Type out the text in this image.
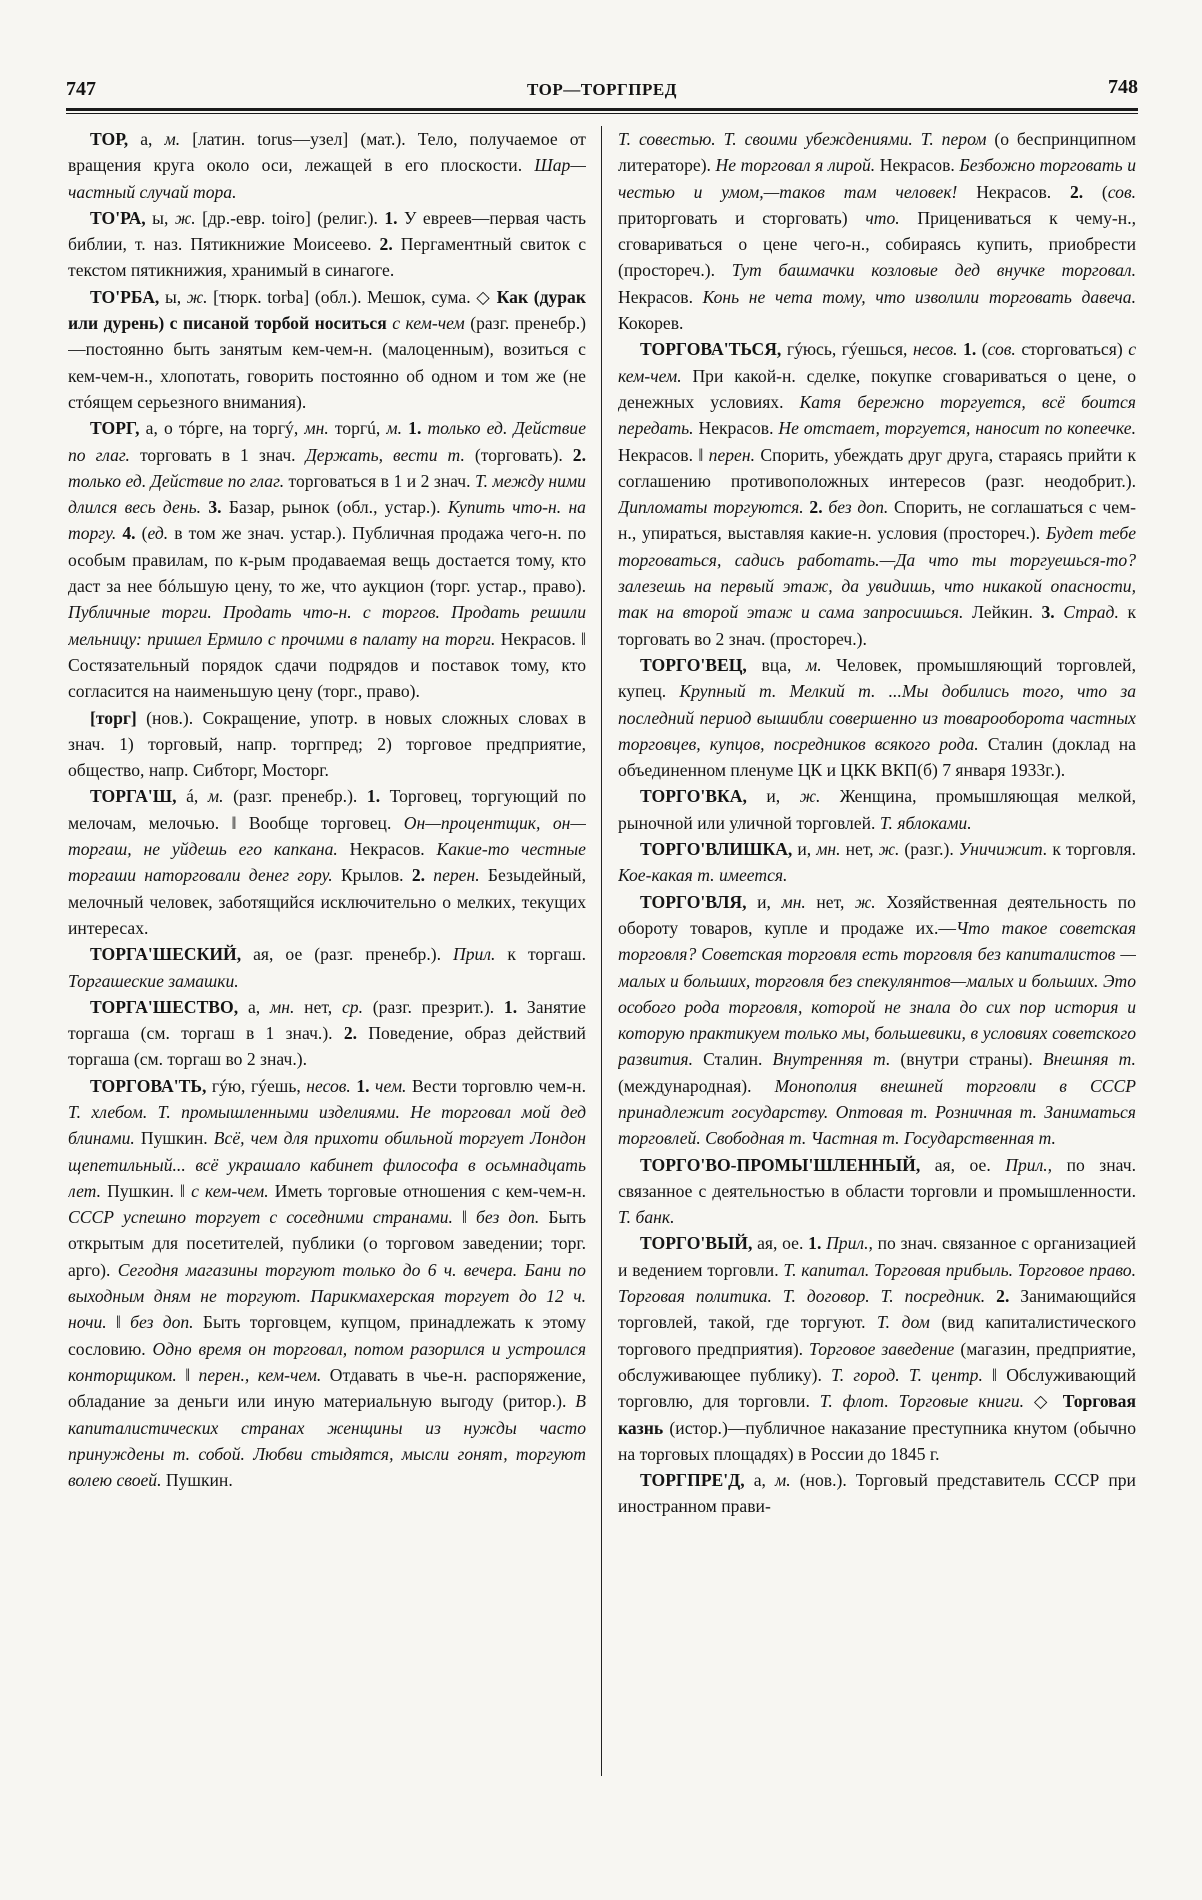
747	ТОР—ТОРГПРЕД	748

ТОР, а, м. [латин. torus—узел] (мат.). Тело, получаемое от вращения круга около оси, лежащей в его плоскости. Шар—частный случай тора.

ТО'РА, ы, ж. [др.-евр. toiro] (религ.). 1. У евреев—первая часть библии, т. наз. Пятикнижие Моисеево. 2. Пергаментный свиток с текстом пятикнижия, хранимый в синагоге.

ТО'РБА, ы, ж. [тюрк. torba] (обл.). Мешок, сума. ◇ Как (дурак или дурень) с писаной торбой носиться с кем-чем (разг. пренебр.)—постоянно быть занятым кем-чем-н. (малоценным), возиться с кем-чем-н., хлопотать, говорить постоянно об одном и том же (не стóящем серьезного внимания).

ТОРГ, а, о тóрге, на торгý, мн. торгú, м. 1. только ед. Действие по глаг. торговать в 1 знач. Держать, вести т. (торговать). 2. только ед. Действие по глаг. торговаться в 1 и 2 знач. Т. между ними длился весь день. 3. Базар, рынок (обл., устар.). Купить что-н. на торгу. 4. (ед. в том же знач. устар.). Публичная продажа чего-н. по особым правилам, по к-рым продаваемая вещь достается тому, кто даст за нее бóльшую цену, то же, что аукцион (торг. устар., право). Публичные торги. Продать что-н. с торгов. Продать решили мельницу: пришел Ермило с прочими в палату на торги. Некрасов. ‖ Состязательный порядок сдачи подрядов и поставок тому, кто согласится на наименьшую цену (торг., право).

[торг] (нов.). Сокращение, употр. в новых сложных словах в знач. 1) торговый, напр. торгпред; 2) торговое предприятие, общество, напр. Сибторг, Мосторг.

ТОРГА'Ш, á, м. (разг. пренебр.). 1. Торговец, торгующий по мелочам, мелочью. ‖ Вообще торговец. Он—процентщик, он—торгаш, не уйдешь его капкана. Некрасов. Какие-то честные торгаши наторговали денег гору. Крылов. 2. перен. Безыдейный, мелочный человек, заботящийся исключительно о мелких, текущих интересах.

ТОРГА'ШЕСКИЙ, ая, ое (разг. пренебр.). Прил. к торгаш. Торгашеские замашки.

ТОРГА'ШЕСТВО, а, мн. нет, ср. (разг. презрит.). 1. Занятие торгаша (см. торгаш в 1 знач.). 2. Поведение, образ действий торгаша (см. торгаш во 2 знач.).

ТОРГОВА'ТЬ, гýю, гýешь, несов. 1. чем. Вести торговлю чем-н. Т. хлебом. Т. промышленными изделиями. Не торговал мой дед блинами. Пушкин. Всё, чем для прихоти обильной торгует Лондон щепетильный... всё украшало кабинет философа в осьмнадцать лет. Пушкин. ‖ с кем-чем. Иметь торговые отношения с кем-чем-н. СССР успешно торгует с соседними странами. ‖ без доп. Быть открытым для посетителей, публики (о торговом заведении; торг. арго). Сегодня магазины торгуют только до 6 ч. вечера. Бани по выходным дням не торгуют. Парикмахерская торгует до 12 ч. ночи. ‖ без доп. Быть торговцем, купцом, принадлежать к этому сословию. Одно время он торговал, потом разорился и устроился конторщиком. ‖ перен., кем-чем. Отдавать в чье-н. распоряжение, обладание за деньги или иную материальную выгоду (ритор.). В капиталистических странах женщины из нужды часто принуждены т. собой. Любви стыдятся, мысли гонят, торгуют волею своей. Пушкин.

Т. совестью. Т. своими убеждениями. Т. пером (о беспринципном литераторе). Не торговал я лирой. Некрасов. Безбожно торговать и честью и умом,—таков там человек! Некрасов. 2. (сов. приторговать и сторговать) что. Прицениваться к чему-н., сговариваться о цене чего-н., собираясь купить, приобрести (простореч.). Тут башмачки козловые дед внучке торговал. Некрасов. Конь не чета тому, что изволили торговать давеча. Кокорев.

ТОРГОВА'ТЬСЯ, гýюсь, гýешься, несов. 1. (сов. сторговаться) с кем-чем. При какой-н. сделке, покупке сговариваться о цене, о денежных условиях. Катя бережно торгуется, всё боится передать. Некрасов. Не отстает, торгуется, наносит по копеечке. Некрасов. ‖ перен. Спорить, убеждать друг друга, стараясь прийти к соглашению противоположных интересов (разг. неодобрит.). Дипломаты торгуются. 2. без доп. Спорить, не соглашаться с чем-н., упираться, выставляя какие-н. условия (простореч.). Будет тебе торговаться, садись работать.—Да что ты торгуешься-то? залезешь на первый этаж, да увидишь, что никакой опасности, так на второй этаж и сама запросишься. Лейкин. 3. Страд. к торговать во 2 знач. (простореч.).

ТОРГО'ВЕЦ, вца, м. Человек, промышляющий торговлей, купец. Крупный т. Мелкий т. ...Мы добились того, что за последний период вышибли совершенно из товарооборота частных торговцев, купцов, посредников всякого рода. Сталин (доклад на объединенном пленуме ЦК и ЦКК ВКП(б) 7 января 1933г.).

ТОРГО'ВКА, и, ж. Женщина, промышляющая мелкой, рыночной или уличной торговлей. Т. яблоками.

ТОРГО'ВЛИШКА, и, мн. нет, ж. (разг.). Уничижит. к торговля. Кое-какая т. имеется.

ТОРГО'ВЛЯ, и, мн. нет, ж. Хозяйственная деятельность по обороту товаров, купле и продаже их.—Что такое советская торговля? Советская торговля есть торговля без капиталистов — малых и больших, торговля без спекулянтов—малых и больших. Это особого рода торговля, которой не знала до сих пор история и которую практикуем только мы, большевики, в условиях советского развития. Сталин. Внутренняя т. (внутри страны). Внешняя т. (международная). Монополия внешней торговли в СССР принадлежит государству. Оптовая т. Розничная т. Заниматься торговлей. Свободная т. Частная т. Государственная т.

ТОРГО'ВО-ПРОМЫ'ШЛЕННЫЙ, ая, ое. Прил., по знач. связанное с деятельностью в области торговли и промышленности. Т. банк.

ТОРГО'ВЫЙ, ая, ое. 1. Прил., по знач. связанное с организацией и ведением торговли. Т. капитал. Торговая прибыль. Торговое право. Торговая политика. Т. договор. Т. посредник. 2. Занимающийся торговлей, такой, где торгуют. Т. дом (вид капиталистического торгового предприятия). Торговое заведение (магазин, предприятие, обслуживающее публику). Т. город. Т. центр. ‖ Обслуживающий торговлю, для торговли. Т. флот. Торговые книги. ◇ Торговая казнь (истор.)—публичное наказание преступника кнутом (обычно на торговых площадях) в России до 1845 г.

ТОРГПРЕ'Д, а, м. (нов.). Торговый представитель СССР при иностранном прави-
